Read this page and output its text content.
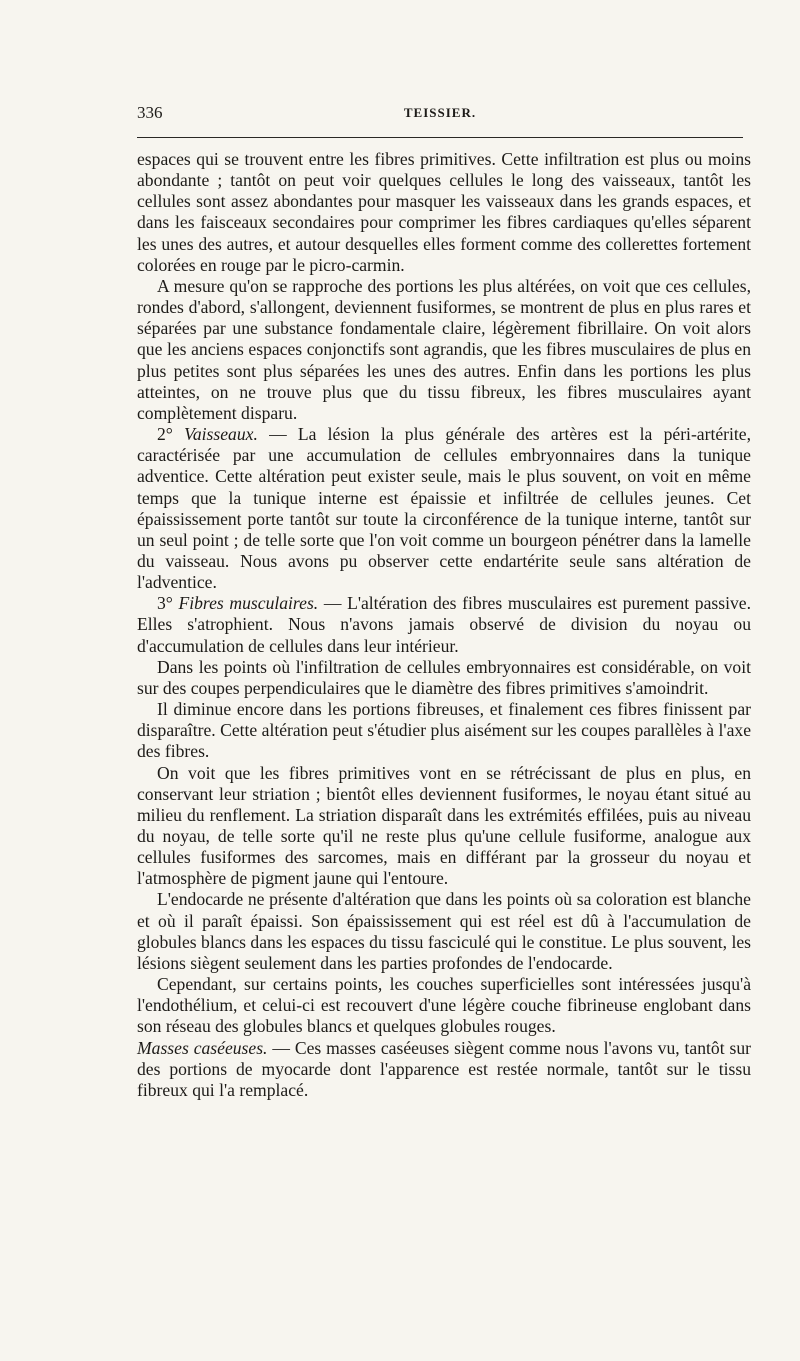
336	TEISSIER.

espaces qui se trouvent entre les fibres primitives. Cette infiltration est plus ou moins abondante ; tantôt on peut voir quelques cellules le long des vaisseaux, tantôt les cellules sont assez abondantes pour masquer les vaisseaux dans les grands espaces, et dans les faisceaux secondaires pour comprimer les fibres cardiaques qu'elles séparent les unes des autres, et autour desquelles elles forment comme des collerettes fortement colorées en rouge par le picro-carmin.

A mesure qu'on se rapproche des portions les plus altérées, on voit que ces cellules, rondes d'abord, s'allongent, deviennent fusiformes, se montrent de plus en plus rares et séparées par une substance fondamentale claire, légèrement fibrillaire. On voit alors que les anciens espaces conjonctifs sont agrandis, que les fibres musculaires de plus en plus petites sont plus séparées les unes des autres. Enfin dans les portions les plus atteintes, on ne trouve plus que du tissu fibreux, les fibres musculaires ayant complètement disparu.

2° Vaisseaux. — La lésion la plus générale des artères est la péri-artérite, caractérisée par une accumulation de cellules embryonnaires dans la tunique adventice. Cette altération peut exister seule, mais le plus souvent, on voit en même temps que la tunique interne est épaissie et infiltrée de cellules jeunes. Cet épaississement porte tantôt sur toute la circonférence de la tunique interne, tantôt sur un seul point ; de telle sorte que l'on voit comme un bourgeon pénétrer dans la lamelle du vaisseau. Nous avons pu observer cette endartérite seule sans altération de l'adventice.

3° Fibres musculaires. — L'altération des fibres musculaires est purement passive. Elles s'atrophient. Nous n'avons jamais observé de division du noyau ou d'accumulation de cellules dans leur intérieur.

Dans les points où l'infiltration de cellules embryonnaires est considérable, on voit sur des coupes perpendiculaires que le diamètre des fibres primitives s'amoindrit.

Il diminue encore dans les portions fibreuses, et finalement ces fibres finissent par disparaître. Cette altération peut s'étudier plus aisément sur les coupes parallèles à l'axe des fibres.

On voit que les fibres primitives vont en se rétrécissant de plus en plus, en conservant leur striation ; bientôt elles deviennent fusiformes, le noyau étant situé au milieu du renflement. La striation disparaît dans les extrémités effilées, puis au niveau du noyau, de telle sorte qu'il ne reste plus qu'une cellule fusiforme, analogue aux cellules fusiformes des sarcomes, mais en différant par la grosseur du noyau et l'atmosphère de pigment jaune qui l'entoure.

L'endocarde ne présente d'altération que dans les points où sa coloration est blanche et où il paraît épaissi. Son épaississement qui est réel est dû à l'accumulation de globules blancs dans les espaces du tissu fasciculé qui le constitue. Le plus souvent, les lésions siègent seulement dans les parties profondes de l'endocarde.

Cependant, sur certains points, les couches superficielles sont intéressées jusqu'à l'endothélium, et celui-ci est recouvert d'une légère couche fibrineuse englobant dans son réseau des globules blancs et quelques globules rouges.

Masses caséeuses. — Ces masses caséeuses siègent comme nous l'avons vu, tantôt sur des portions de myocarde dont l'apparence est restée normale, tantôt sur le tissu fibreux qui l'a remplacé.
